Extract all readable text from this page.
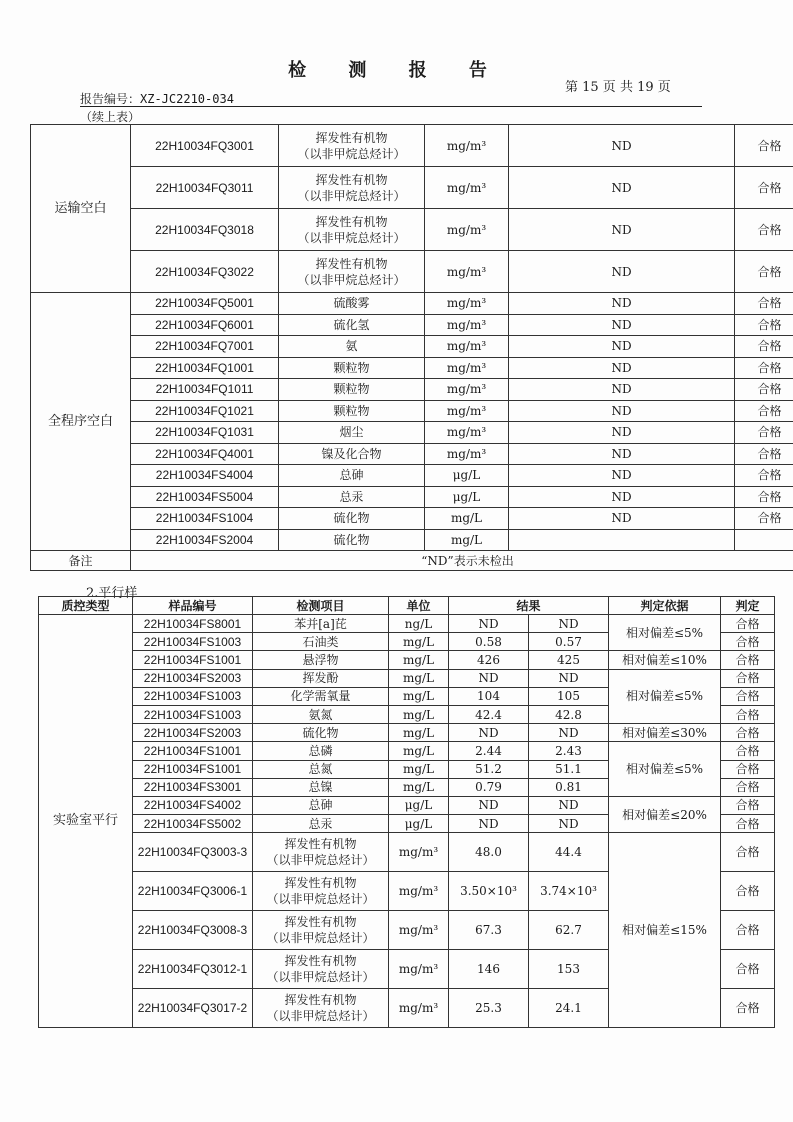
检 测 报 告
第 15 页 共 19 页
报告编号：XZ-JC2210-034
（续上表）
运输空白	22H10034FQ3001	挥发性有机物
（以非甲烷总烃计）	mg/m³	ND	合格
	22H10034FQ3011	挥发性有机物
（以非甲烷总烃计）	mg/m³	ND	合格
	22H10034FQ3018	挥发性有机物
（以非甲烷总烃计）	mg/m³	ND	合格
	22H10034FQ3022	挥发性有机物
（以非甲烷总烃计）	mg/m³	ND	合格
全程序空白	22H10034FQ5001	硫酸雾	mg/m³	ND	合格
	22H10034FQ6001	硫化氢	mg/m³	ND	合格
	22H10034FQ7001	氨	mg/m³	ND	合格
	22H10034FQ1001	颗粒物	mg/m³	ND	合格
	22H10034FQ1011	颗粒物	mg/m³	ND	合格
	22H10034FQ1021	颗粒物	mg/m³	ND	合格
	22H10034FQ1031	烟尘	mg/m³	ND	合格
	22H10034FQ4001	镍及化合物	mg/m³	ND	合格
	22H10034FS4004	总砷	μg/L	ND	合格
	22H10034FS5004	总汞	μg/L	ND	合格
	22H10034FS1004	硫化物	mg/L	ND	合格
	22H10034FS2004	硫化物	mg/L		
备注	“ND”表示未检出				
2.平行样
质控类型	样品编号	检测项目	单位	结果		判定依据	判定
实验室平行	22H10034FS8001	苯并[a]芘	ng/L	ND	ND	相对偏差≤5%	合格
	22H10034FS1003	石油类	mg/L	0.58	0.57		合格
	22H10034FS1001	悬浮物	mg/L	426	425	相对偏差≤10%	合格
	22H10034FS2003	挥发酚	mg/L	ND	ND	相对偏差≤5%	合格
	22H10034FS1003	化学需氧量	mg/L	104	105		合格
	22H10034FS1003	氨氮	mg/L	42.4	42.8		合格
	22H10034FS2003	硫化物	mg/L	ND	ND	相对偏差≤30%	合格
	22H10034FS1001	总磷	mg/L	2.44	2.43	相对偏差≤5%	合格
	22H10034FS1001	总氮	mg/L	51.2	51.1		合格
	22H10034FS3001	总镍	mg/L	0.79	0.81		合格
	22H10034FS4002	总砷	μg/L	ND	ND	相对偏差≤20%	合格
	22H10034FS5002	总汞	μg/L	ND	ND		合格
	22H10034FQ3003-3	挥发性有机物
（以非甲烷总烃计）	mg/m³	48.0	44.4	相对偏差≤15%	合格
	22H10034FQ3006-1	挥发性有机物
（以非甲烷总烃计）	mg/m³	3.50×10³	3.74×10³		合格
	22H10034FQ3008-3	挥发性有机物
（以非甲烷总烃计）	mg/m³	67.3	62.7		合格
	22H10034FQ3012-1	挥发性有机物
（以非甲烷总烃计）	mg/m³	146	153		合格
	22H10034FQ3017-2	挥发性有机物
（以非甲烷总烃计）	mg/m³	25.3	24.1		合格
